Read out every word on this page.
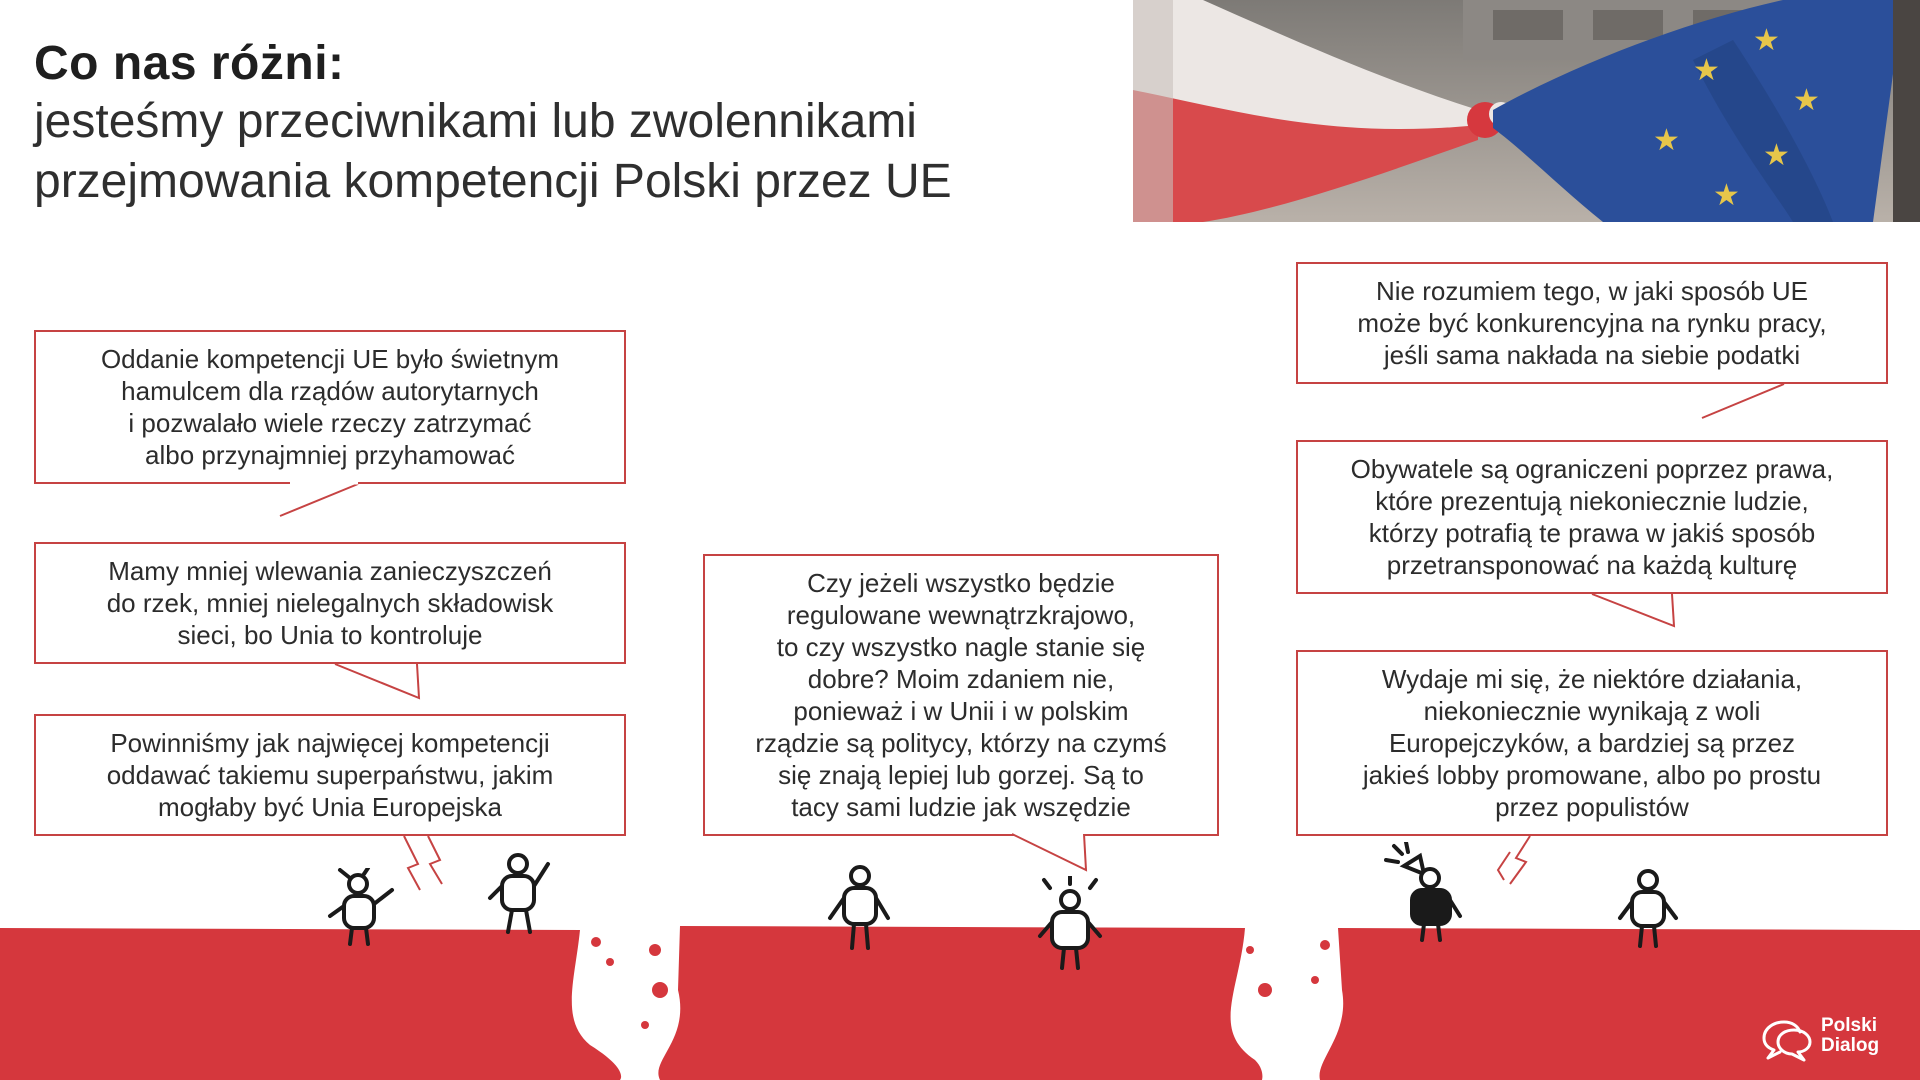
Co nas różni:

jesteśmy przeciwnikami lub zwolennikami

przejmowania kompetencji Polski przez UE

★
★
★
★
★
★
Oddanie kompetencji UE było świetnym
hamulcem dla rządów autorytarnych
i pozwalało wiele rzeczy zatrzymać
albo przynajmniej przyhamować
Mamy mniej wlewania zanieczyszczeń
do rzek, mniej nielegalnych składowisk
sieci, bo Unia to kontroluje
Powinniśmy jak najwięcej kompetencji
oddawać takiemu superpaństwu, jakim
mogłaby być Unia Europejska
Czy jeżeli wszystko będzie
regulowane wewnątrzkrajowo,
to czy wszystko nagle stanie się
dobre? Moim zdaniem nie,
ponieważ i w Unii i w polskim
rządzie są politycy, którzy na czymś
się znają lepiej lub gorzej. Są to
tacy sami ludzie jak wszędzie
Nie rozumiem tego, w jaki sposób UE
może być konkurencyjna na rynku pracy,
jeśli sama nakłada na siebie podatki
Obywatele są ograniczeni poprzez prawa,
które prezentują niekoniecznie ludzie,
którzy potrafią te prawa w jakiś sposób
przetransponować na każdą kulturę
Wydaje mi się, że niektóre działania,
niekoniecznie wynikają z woli
Europejczyków, a bardziej są przez
jakieś lobby promowane, albo po prostu
przez populistów
Polski
Dialog
